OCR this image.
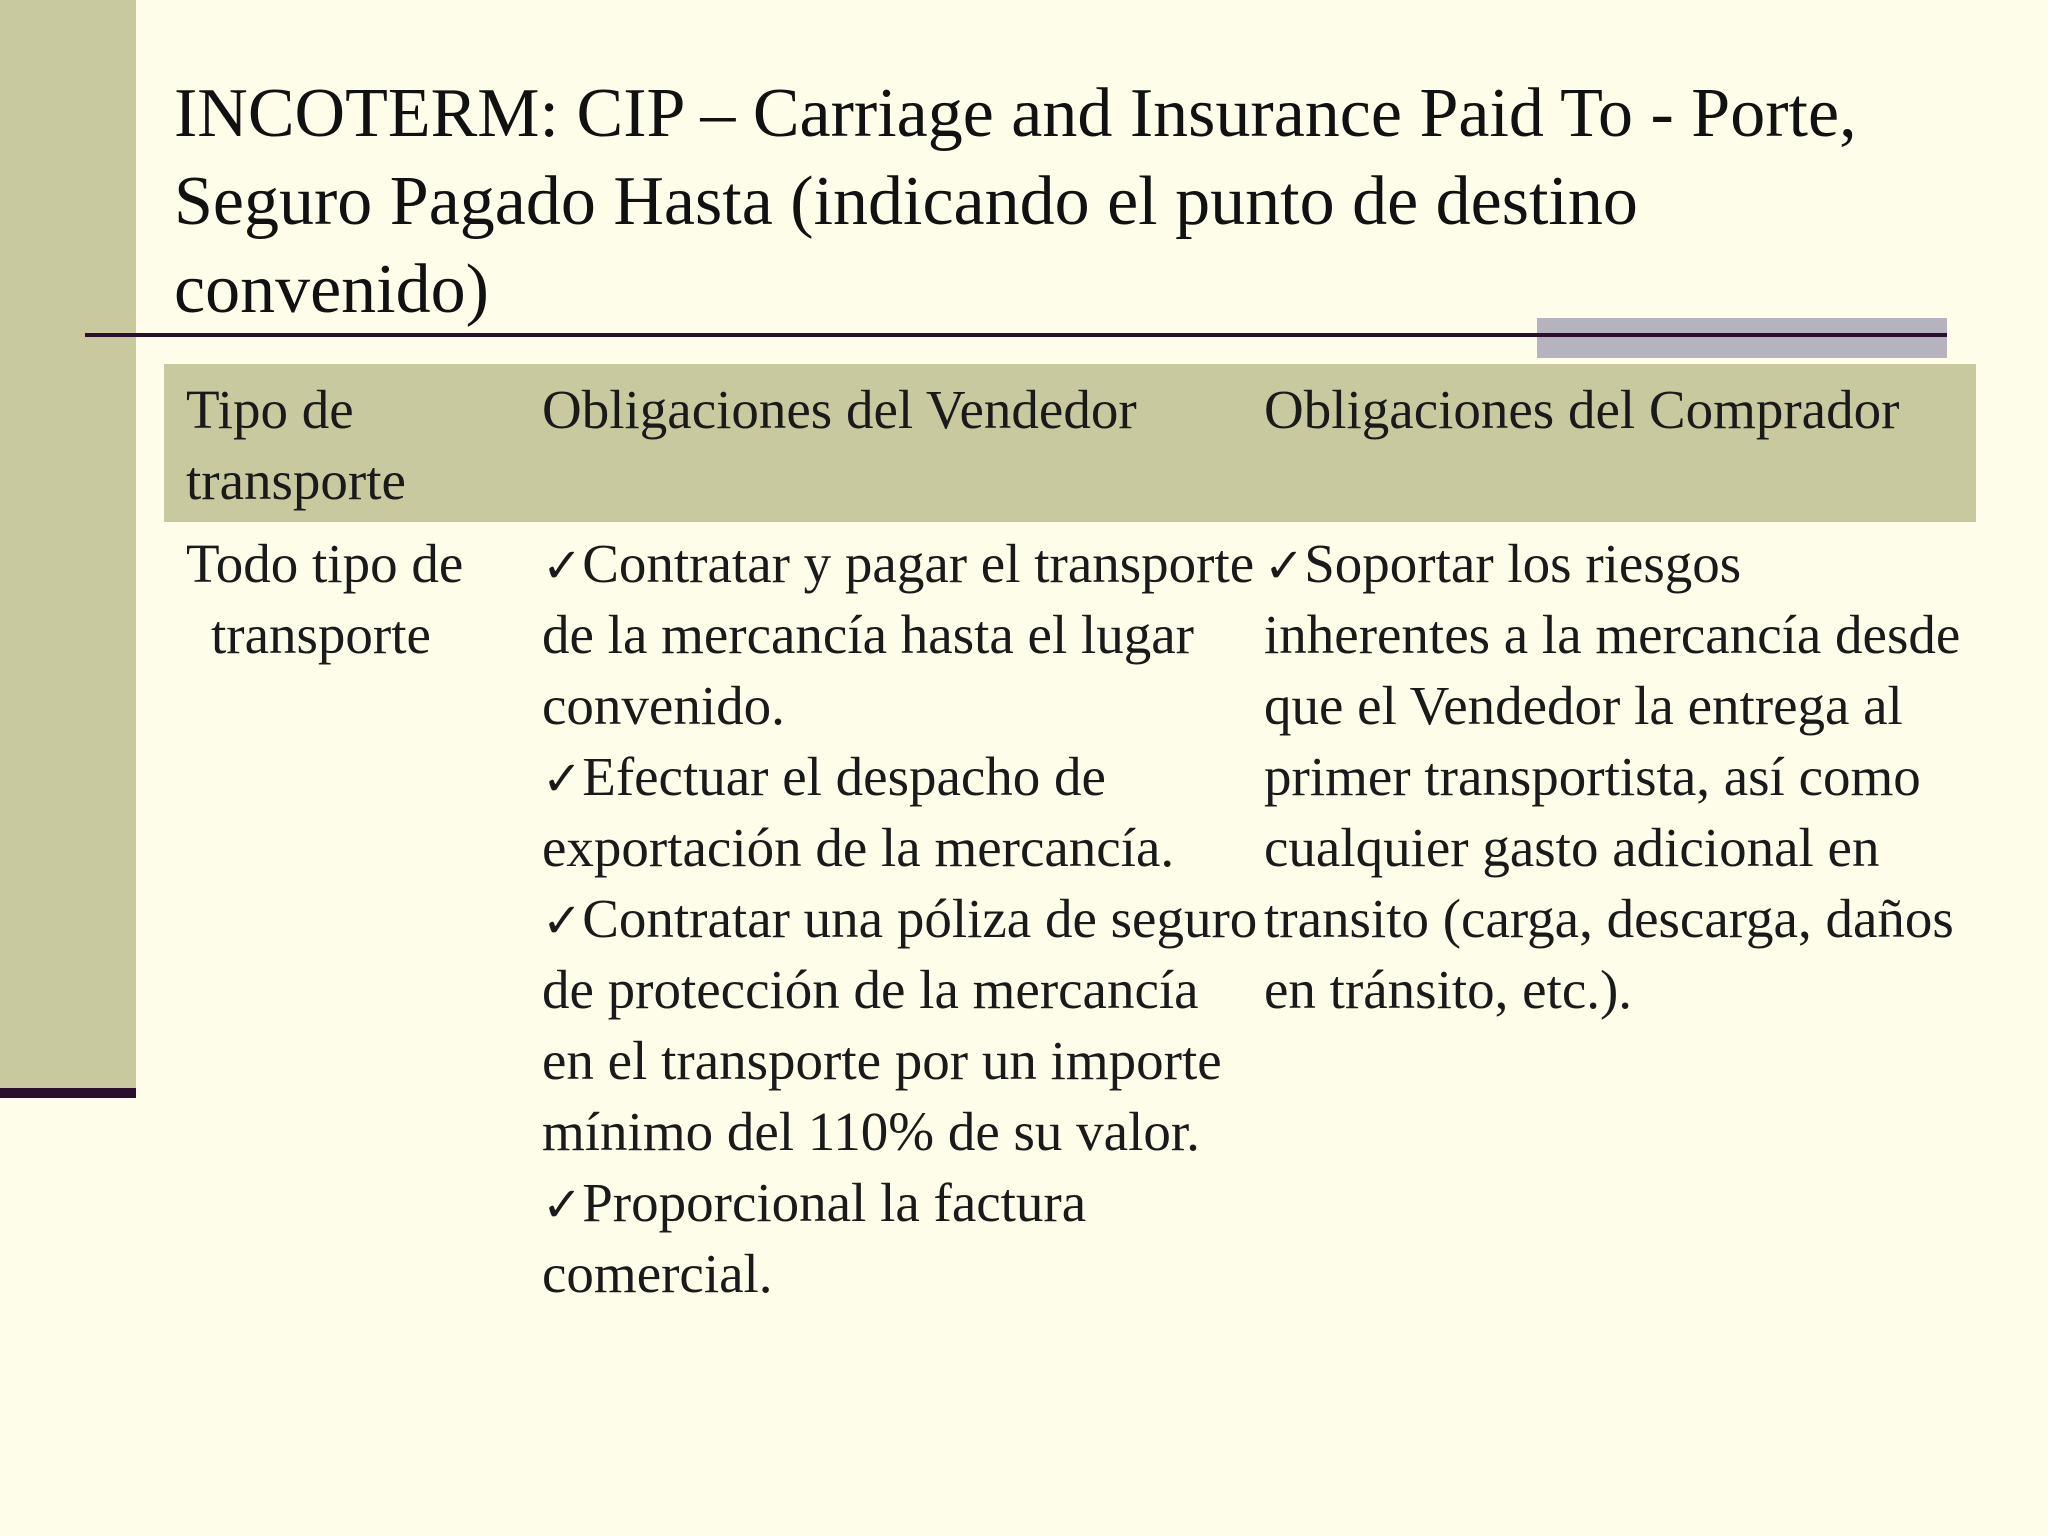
INCOTERM: CIP – Carriage and Insurance Paid To - Porte, Seguro Pagado Hasta (indicando el punto de destino convenido)
Tipo de transporte
Obligaciones del Vendedor	Obligaciones del Comprador
Todo tipo de transporte
✓Contratar y pagar el transporte de la mercancía hasta el lugar convenido.
✓Efectuar el despacho de exportación de la mercancía.
✓Contratar una póliza de seguro de protección de la mercancía en el transporte por un importe mínimo del 110% de su valor.
✓Proporcional la factura comercial.
✓Soportar los riesgos inherentes a la mercancía desde que el Vendedor la entrega al primer transportista, así como cualquier gasto adicional en transito (carga, descarga, daños en tránsito, etc.).
